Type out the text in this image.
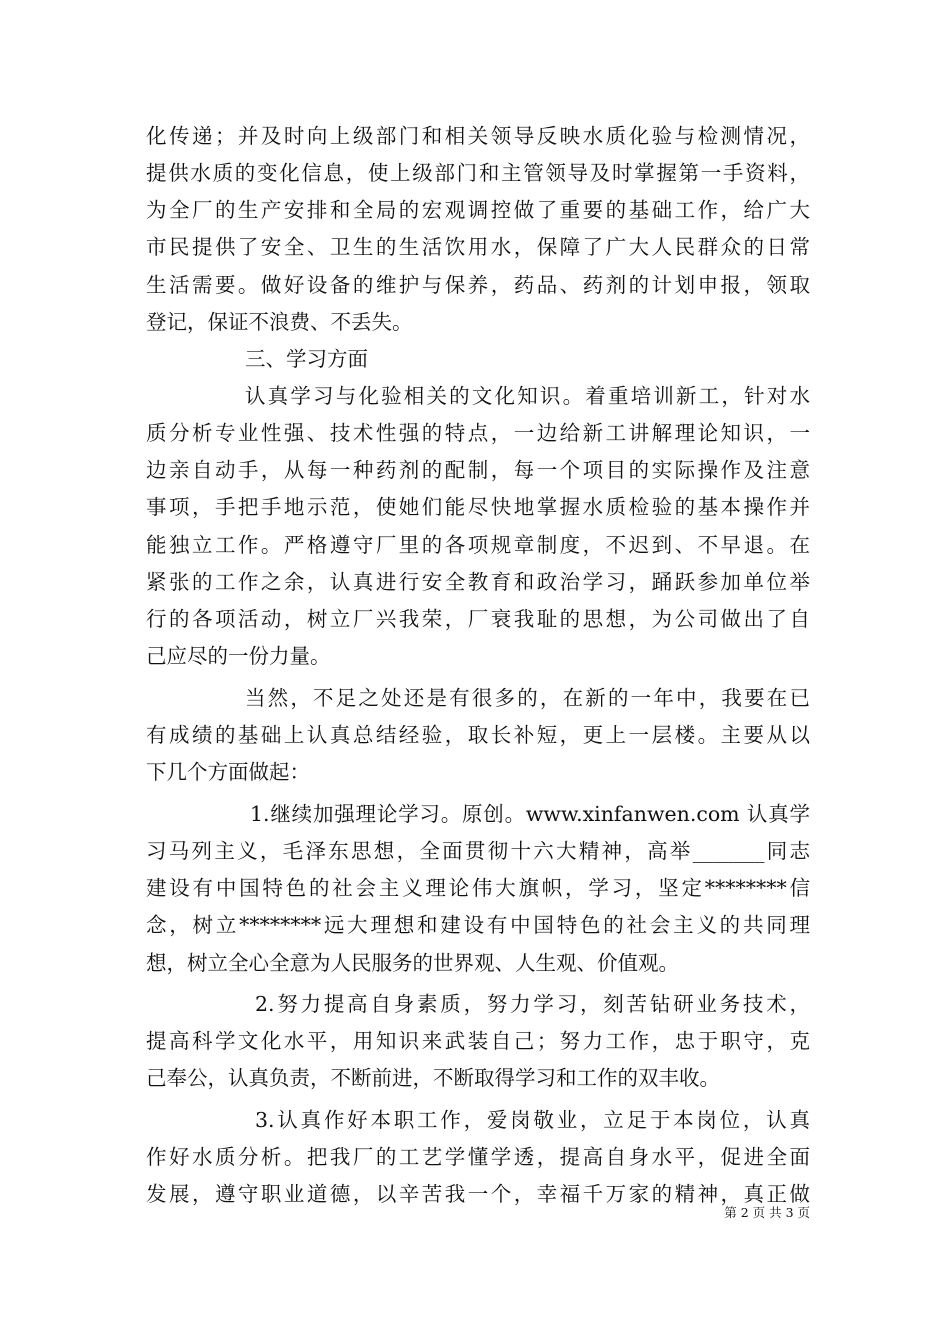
化传递；并及时向上级部门和相关领导反映水质化验与检测情况，
提供水质的变化信息，使上级部门和主管领导及时掌握第一手资料，
为全厂的生产安排和全局的宏观调控做了重要的基础工作，给广大
市民提供了安全、卫生的生活饮用水，保障了广大人民群众的日常
生活需要。做好设备的维护与保养，药品、药剂的计划申报，领取
登记，保证不浪费、不丢失。
三、学习方面
认真学习与化验相关的文化知识。着重培训新工，针对水
质分析专业性强、技术性强的特点，一边给新工讲解理论知识，一
边亲自动手，从每一种药剂的配制，每一个项目的实际操作及注意
事项，手把手地示范，使她们能尽快地掌握水质检验的基本操作并
能独立工作。严格遵守厂里的各项规章制度，不迟到、不早退。在
紧张的工作之余，认真进行安全教育和政治学习，踊跃参加单位举
行的各项活动，树立厂兴我荣，厂衰我耻的思想，为公司做出了自
己应尽的一份力量。
当然，不足之处还是有很多的，在新的一年中，我要在已
有成绩的基础上认真总结经验，取长补短，更上一层楼。主要从以
下几个方面做起：
1.继续加强理论学习。原创。www.xinfanwen.com 认真学
习马列主义，毛泽东思想，全面贯彻十六大精神，高举_______同志
建设有中国特色的社会主义理论伟大旗帜，学习，坚定********信
念，树立********远大理想和建设有中国特色的社会主义的共同理
想，树立全心全意为人民服务的世界观、人生观、价值观。
2.努力提高自身素质，努力学习，刻苦钻研业务技术，
提高科学文化水平，用知识来武装自己；努力工作，忠于职守，克
己奉公，认真负责，不断前进，不断取得学习和工作的双丰收。
3.认真作好本职工作，爱岗敬业，立足于本岗位，认真
作好水质分析。把我厂的工艺学懂学透，提高自身水平，促进全面
发展，遵守职业道德，以辛苦我一个，幸福千万家的精神，真正做
第 2 页 共 3 页
